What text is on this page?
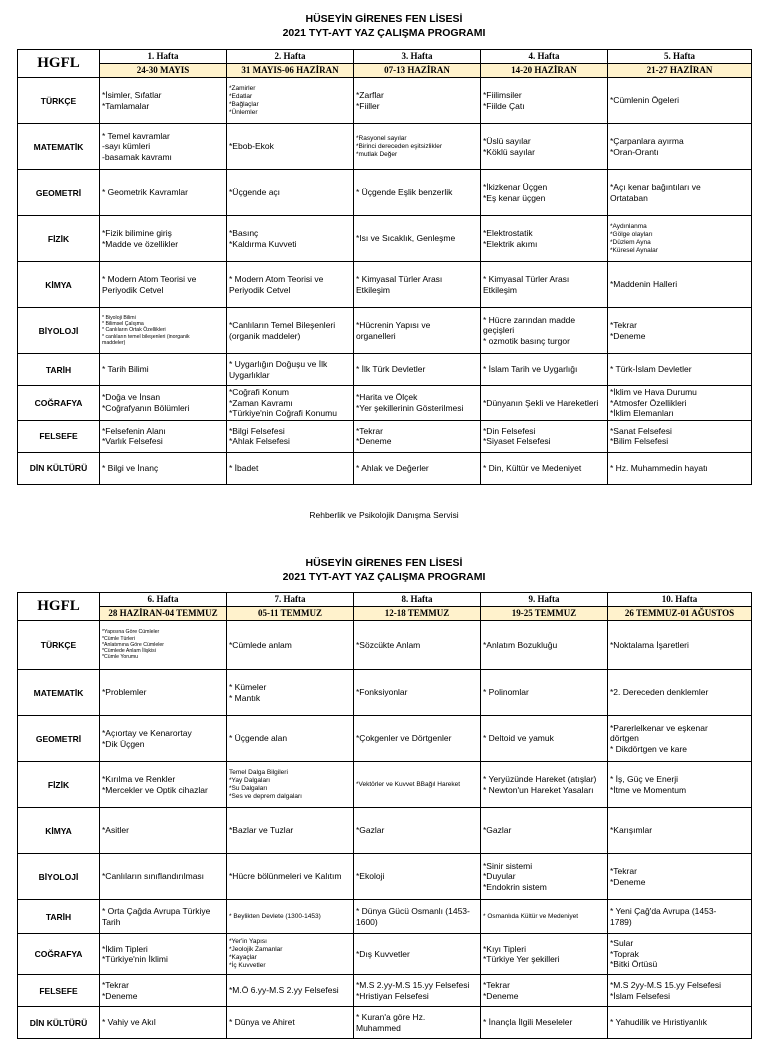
HÜSEYİN GİRENES FEN LİSESİ
2021 TYT-AYT YAZ ÇALIŞMA PROGRAMI
HGFL	1. Hafta	2. Hafta	3. Hafta	4. Hafta	5. Hafta
	24-30 MAYIS	31 MAYIS-06 HAZİRAN	07-13 HAZİRAN	14-20 HAZİRAN	21-27 HAZİRAN
TÜRKÇE	*İsimler, Sıfatlar
*Tamlamalar	*Zamirler
*Edatlar
*Bağlaçlar
*Ünlemler	*Zarflar
*Fiiller	*Fiilimsiler
*Fiilde Çatı	*Cümlenin Ögeleri

MATEMATİK	* Temel kavramlar
-sayı kümleri
-basamak kavramı	*Ebob-Ekok	*Rasyonel sayılar
*Birinci dereceden eşitsizlikler
*mutlak Değer	*Üslü sayılar
*Köklü sayılar	*Çarpanlara ayırma
*Oran-Orantı

GEOMETRİ	* Geometrik Kavramlar	*Üçgende açı	* Üçgende Eşlik benzerlik	*İkizkenar Üçgen
*Eş kenar üçgen	*Açı kenar bağıntıları ve
Ortataban

FİZİK	*Fizik bilimine giriş
*Madde ve özellikler	*Basınç
*Kaldırma Kuvveti	*Isı ve Sıcaklık, Genleşme	*Elektrostatik
*Elektrik akımı	*Aydınlanma
*Gölge olayları
*Düzlem Ayna
*Küresel Aynalar

KİMYA	* Modern Atom Teorisi ve
Periyodik Cetvel	* Modern Atom Teorisi ve
Periyodik Cetvel	* Kimyasal Türler Arası
Etkileşim	* Kimyasal Türler Arası
Etkileşim	*Maddenin Halleri

BİYOLOJİ	* Biyoloji Bilimi
* Bilimsel Çalışma
* Canlıların Ortak Özellikleri
* canlıların temel bileşenleri (inorganik
maddeler)	*Canlıların Temel Bileşenleri
(organik maddeler)	*Hücrenin Yapısı ve
organelleri	* Hücre zarından madde
geçişleri
* ozmotik basınç turgor	*Tekrar
*Deneme

TARİH	* Tarih Bilimi	* Uygarlığın Doğuşu ve İlk
Uygarlıklar	* İlk Türk Devletler	* İslam Tarih ve Uygarlığı	* Türk-İslam Devletler

COĞRAFYA	*Doğa ve İnsan
*Coğrafyanın Bölümleri	*Coğrafi Konum
*Zaman Kavramı
*Türkiye'nin Coğrafi Konumu	*Harita ve Ölçek
*Yer şekillerinin Gösterilmesi	*Dünyanın Şekli ve Hareketleri	*İklim ve Hava Durumu
*Atmosfer Özellikleri
*İklim Elemanları

FELSEFE	*Felsefenin Alanı
*Varlık Felsefesi	*Bilgi Felsefesi
*Ahlak Felsefesi	*Tekrar
*Deneme	*Din Felsefesi
*Siyaset Felsefesi	*Sanat Felsefesi
*Bilim Felsefesi

DİN KÜLTÜRÜ	* Bilgi ve İnanç	* İbadet	* Ahlak ve Değerler	* Din, Kültür ve Medeniyet	* Hz. Muhammedin hayatı
Rehberlik ve Psikolojik Danışma Servisi
HÜSEYİN GİRENES FEN LİSESİ
2021 TYT-AYT YAZ ÇALIŞMA PROGRAMI
HGFL	6. Hafta	7. Hafta	8. Hafta	9. Hafta	10. Hafta
	28 HAZİRAN-04 TEMMUZ	05-11 TEMMUZ	12-18 TEMMUZ	19-25 TEMMUZ	26 TEMMUZ-01 AĞUSTOS
TÜRKÇE	*Yapısına Göre Cümleler
*Cümle Türleri
*Anlatımına Göre Cümleler
*Cümlede Anlam İlişkisi
*Cümle Yorumu	*Cümlede anlam	*Sözcükte Anlam	*Anlatım Bozukluğu	*Noktalama İşaretleri

MATEMATİK	*Problemler	* Kümeler
* Mantık	*Fonksiyonlar	* Polinomlar	*2. Dereceden denklemler

GEOMETRİ	*Açıortay ve Kenarortay
*Dik Üçgen	* Üçgende alan	*Çokgenler ve Dörtgenler	* Deltoid ve yamuk	*Parerlelkenar ve eşkenar
dörtgen
* Dikdörtgen ve kare

FİZİK	*Kırılma ve Renkler
*Mercekler ve Optik cihazlar	Temel Dalga Bilgileri
*Yay Dalgaları
*Su Dalgaları
*Ses ve deprem dalgaları	*Vektörler ve Kuvvet BBağıl Hareket	* Yeryüzünde Hareket (atışlar)
* Newton'un Hareket Yasaları	* İş, Güç ve Enerji
*İtme ve Momentum

KİMYA	*Asitler	*Bazlar ve Tuzlar	*Gazlar	*Gazlar	*Karışımlar

BİYOLOJİ	*Canlıların sınıflandırılması	*Hücre bölünmeleri ve Kalıtım	*Ekoloji	*Sinir sistemi
*Duyular
*Endokrin sistem	*Tekrar
*Deneme

TARİH	* Orta Çağda Avrupa Türkiye
Tarih	* Beylikten Devlete (1300-1453)	* Dünya Gücü Osmanlı (1453-
1600)	* Osmanlıda Kültür ve Medeniyet	* Yeni Çağ'da Avrupa (1453-
1789)

COĞRAFYA	*İklim Tipleri
*Türkiye'nin İklimi	*Yer'in Yapısı
*Jeolojik Zamanlar
*Kayaçlar
*İç Kuvvetler	*Dış Kuvvetler	*Kıyı Tipleri
*Türkiye Yer şekilleri	*Sular
*Toprak
*Bitki Örtüsü

FELSEFE	*Tekrar
*Deneme	*M.Ö 6.yy-M.S 2.yy Felsefesi	*M.S 2.yy-M.S 15.yy Felsefesi
*Hristiyan Felsefesi	*Tekrar
*Deneme	*M.S 2yy-M.S 15.yy Felsefesi
*İslam Felsefesi

DİN KÜLTÜRÜ	* Vahiy ve Akıl	* Dünya ve Ahiret	* Kuran'a göre Hz.
Muhammed	* İnançla İlgili Meseleler	* Yahudilik ve Hıristiyanlık
